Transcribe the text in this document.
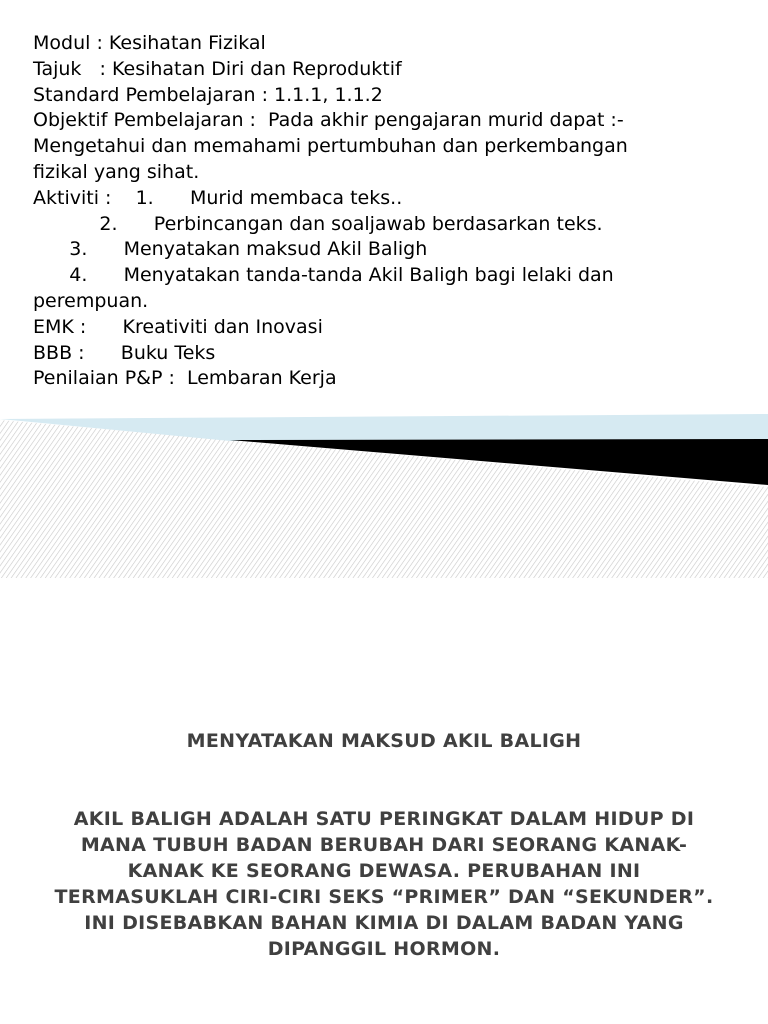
Modul : Kesihatan Fizikal
Tajuk   : Kesihatan Diri dan Reproduktif
Standard Pembelajaran : 1.1.1, 1.1.2
Objektif Pembelajaran :  Pada akhir pengajaran murid dapat :-
Mengetahui dan memahami pertumbuhan dan perkembangan
fizikal yang sihat.
Aktiviti :    1.      Murid membaca teks..
2.      Perbincangan dan soaljawab berdasarkan teks.
3.      Menyatakan maksud Akil Baligh
4.      Menyatakan tanda-tanda Akil Baligh bagi lelaki dan
perempuan.
EMK :      Kreativiti dan Inovasi
BBB :      Buku Teks
Penilaian P&P :  Lembaran Kerja
MENYATAKAN MAKSUD AKIL BALIGH
AKIL BALIGH ADALAH SATU PERINGKAT DALAM HIDUP DI MANA TUBUH BADAN BERUBAH DARI SEORANG KANAK-KANAK KE SEORANG DEWASA. PERUBAHAN INI TERMASUKLAH CIRI-CIRI SEKS “PRIMER” DAN “SEKUNDER”. INI DISEBABKAN BAHAN KIMIA DI DALAM BADAN YANG DIPANGGIL HORMON.
